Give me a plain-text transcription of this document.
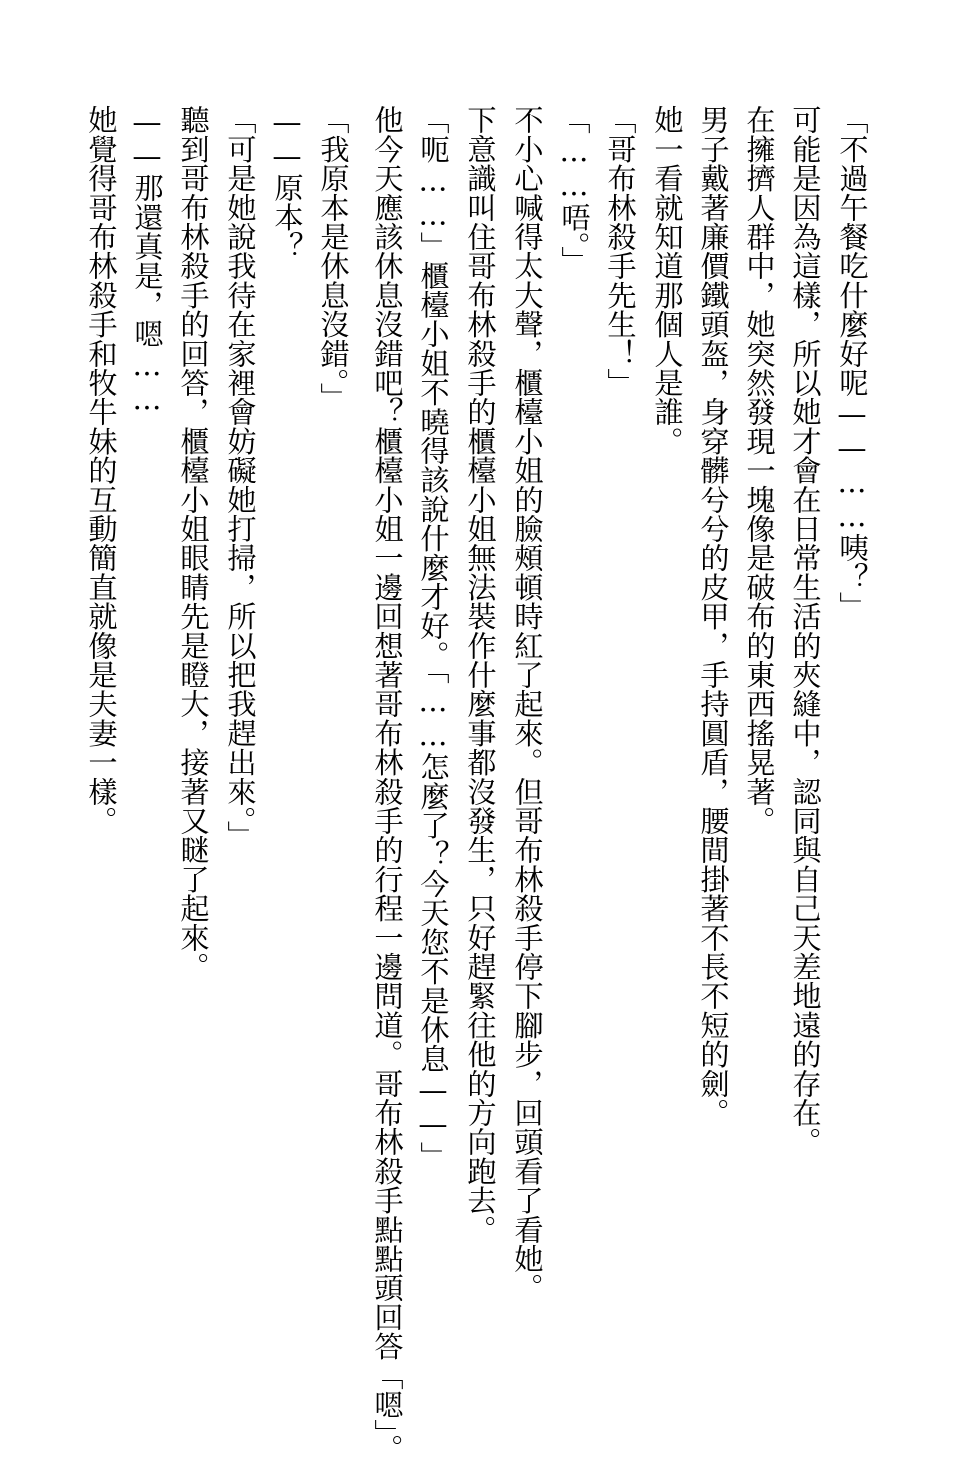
「不過午餐吃什麼好呢——……咦？」
可能是因為這樣，所以她才會在日常生活的夾縫中，認同與自己天差地遠的存在。
在擁擠人群中，她突然發現一塊像是破布的東西搖晃著。
男子戴著廉價鐵頭盔，身穿髒兮兮的皮甲，手持圓盾，腰間掛著不長不短的劍。
她一看就知道那個人是誰。
「哥布林殺手先生！」
「……唔。」
不小心喊得太大聲，櫃檯小姐的臉頰頓時紅了起來。但哥布林殺手停下腳步，回頭看了看她。
下意識叫住哥布林殺手的櫃檯小姐無法裝作什麼事都沒發生，只好趕緊往他的方向跑去。
「呃……」櫃檯小姐不曉得該說什麼才好。「……怎麼了？今天您不是休息——」
他今天應該休息沒錯吧？櫃檯小姐一邊回想著哥布林殺手的行程一邊問道。哥布林殺手點點頭回答「嗯」。
「我原本是休息沒錯。」
——原本？
「可是她說我待在家裡會妨礙她打掃，所以把我趕出來。」
聽到哥布林殺手的回答，櫃檯小姐眼睛先是瞪大，接著又瞇了起來。
——那還真是，嗯……
她覺得哥布林殺手和牧牛妹的互動簡直就像是夫妻一樣。
